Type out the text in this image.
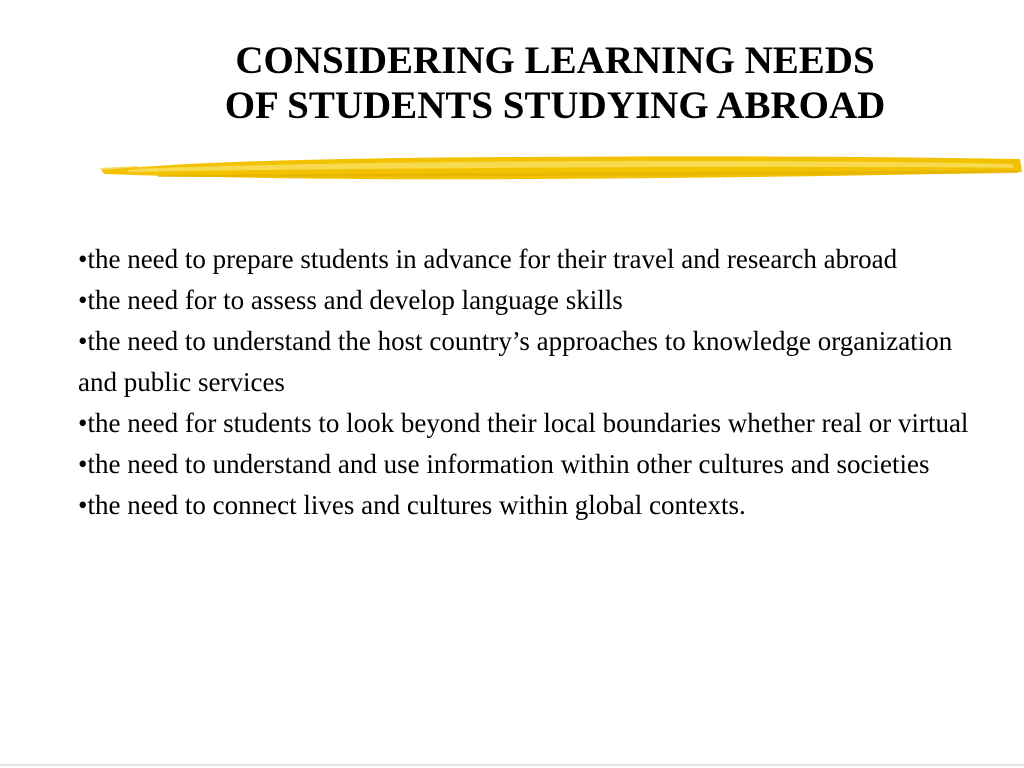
CONSIDERING LEARNING NEEDS
OF STUDENTS STUDYING ABROAD
•the need to prepare students in advance for their travel and research abroad
•the need for to assess and develop language skills
•the need to understand the host country’s approaches to knowledge organization and public services
•the need for students to look beyond their local boundaries whether real or virtual
•the need to understand and use information within other cultures and societies
•the need to connect lives and cultures within global contexts.
